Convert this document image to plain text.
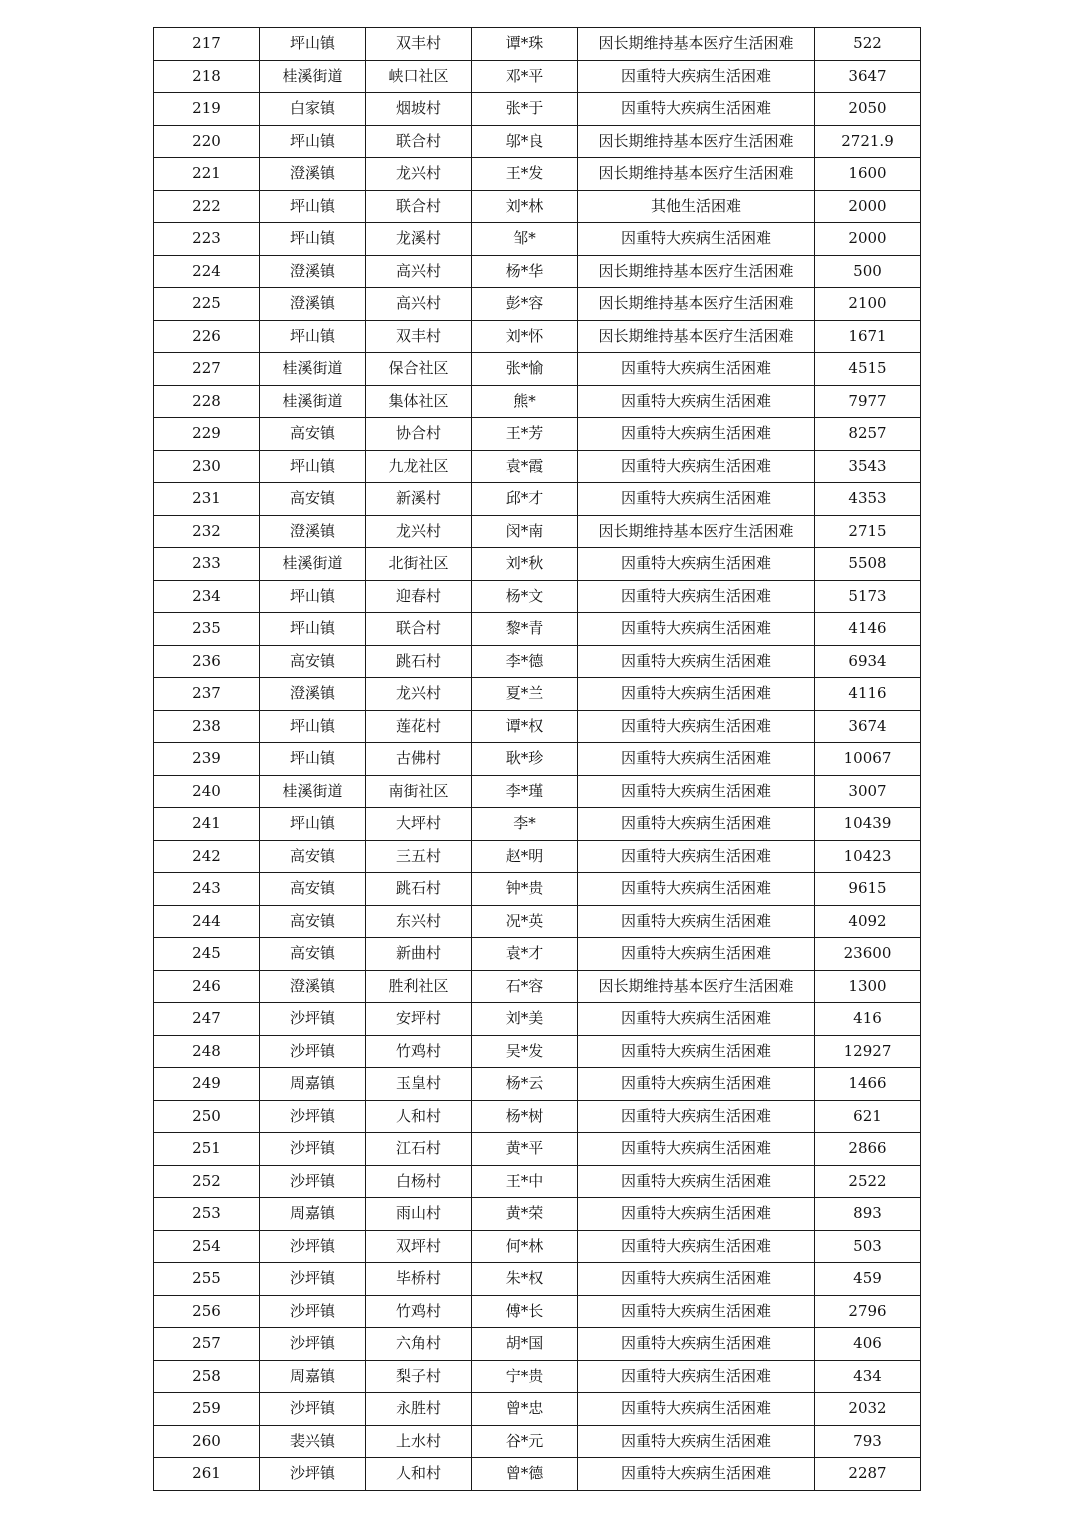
217	坪山镇	双丰村	谭*珠	因长期维持基本医疗生活困难	522
218	桂溪街道	峡口社区	邓*平	因重特大疾病生活困难	3647
219	白家镇	烟坡村	张*于	因重特大疾病生活困难	2050
220	坪山镇	联合村	邬*良	因长期维持基本医疗生活困难	2721.9
221	澄溪镇	龙兴村	王*发	因长期维持基本医疗生活困难	1600
222	坪山镇	联合村	刘*林	其他生活困难	2000
223	坪山镇	龙溪村	邹*	因重特大疾病生活困难	2000
224	澄溪镇	高兴村	杨*华	因长期维持基本医疗生活困难	500
225	澄溪镇	高兴村	彭*容	因长期维持基本医疗生活困难	2100
226	坪山镇	双丰村	刘*怀	因长期维持基本医疗生活困难	1671
227	桂溪街道	保合社区	张*愉	因重特大疾病生活困难	4515
228	桂溪街道	集体社区	熊*	因重特大疾病生活困难	7977
229	高安镇	协合村	王*芳	因重特大疾病生活困难	8257
230	坪山镇	九龙社区	袁*霞	因重特大疾病生活困难	3543
231	高安镇	新溪村	邱*才	因重特大疾病生活困难	4353
232	澄溪镇	龙兴村	闵*南	因长期维持基本医疗生活困难	2715
233	桂溪街道	北街社区	刘*秋	因重特大疾病生活困难	5508
234	坪山镇	迎春村	杨*文	因重特大疾病生活困难	5173
235	坪山镇	联合村	黎*青	因重特大疾病生活困难	4146
236	高安镇	跳石村	李*德	因重特大疾病生活困难	6934
237	澄溪镇	龙兴村	夏*兰	因重特大疾病生活困难	4116
238	坪山镇	莲花村	谭*权	因重特大疾病生活困难	3674
239	坪山镇	古佛村	耿*珍	因重特大疾病生活困难	10067
240	桂溪街道	南街社区	李*瑾	因重特大疾病生活困难	3007
241	坪山镇	大坪村	李*	因重特大疾病生活困难	10439
242	高安镇	三五村	赵*明	因重特大疾病生活困难	10423
243	高安镇	跳石村	钟*贵	因重特大疾病生活困难	9615
244	高安镇	东兴村	况*英	因重特大疾病生活困难	4092
245	高安镇	新曲村	袁*才	因重特大疾病生活困难	23600
246	澄溪镇	胜利社区	石*容	因长期维持基本医疗生活困难	1300
247	沙坪镇	安坪村	刘*美	因重特大疾病生活困难	416
248	沙坪镇	竹鸡村	吴*发	因重特大疾病生活困难	12927
249	周嘉镇	玉皇村	杨*云	因重特大疾病生活困难	1466
250	沙坪镇	人和村	杨*树	因重特大疾病生活困难	621
251	沙坪镇	江石村	黄*平	因重特大疾病生活困难	2866
252	沙坪镇	白杨村	王*中	因重特大疾病生活困难	2522
253	周嘉镇	雨山村	黄*荣	因重特大疾病生活困难	893
254	沙坪镇	双坪村	何*林	因重特大疾病生活困难	503
255	沙坪镇	毕桥村	朱*权	因重特大疾病生活困难	459
256	沙坪镇	竹鸡村	傅*长	因重特大疾病生活困难	2796
257	沙坪镇	六角村	胡*国	因重特大疾病生活困难	406
258	周嘉镇	梨子村	宁*贵	因重特大疾病生活困难	434
259	沙坪镇	永胜村	曾*忠	因重特大疾病生活困难	2032
260	裴兴镇	上水村	谷*元	因重特大疾病生活困难	793
261	沙坪镇	人和村	曾*德	因重特大疾病生活困难	2287
